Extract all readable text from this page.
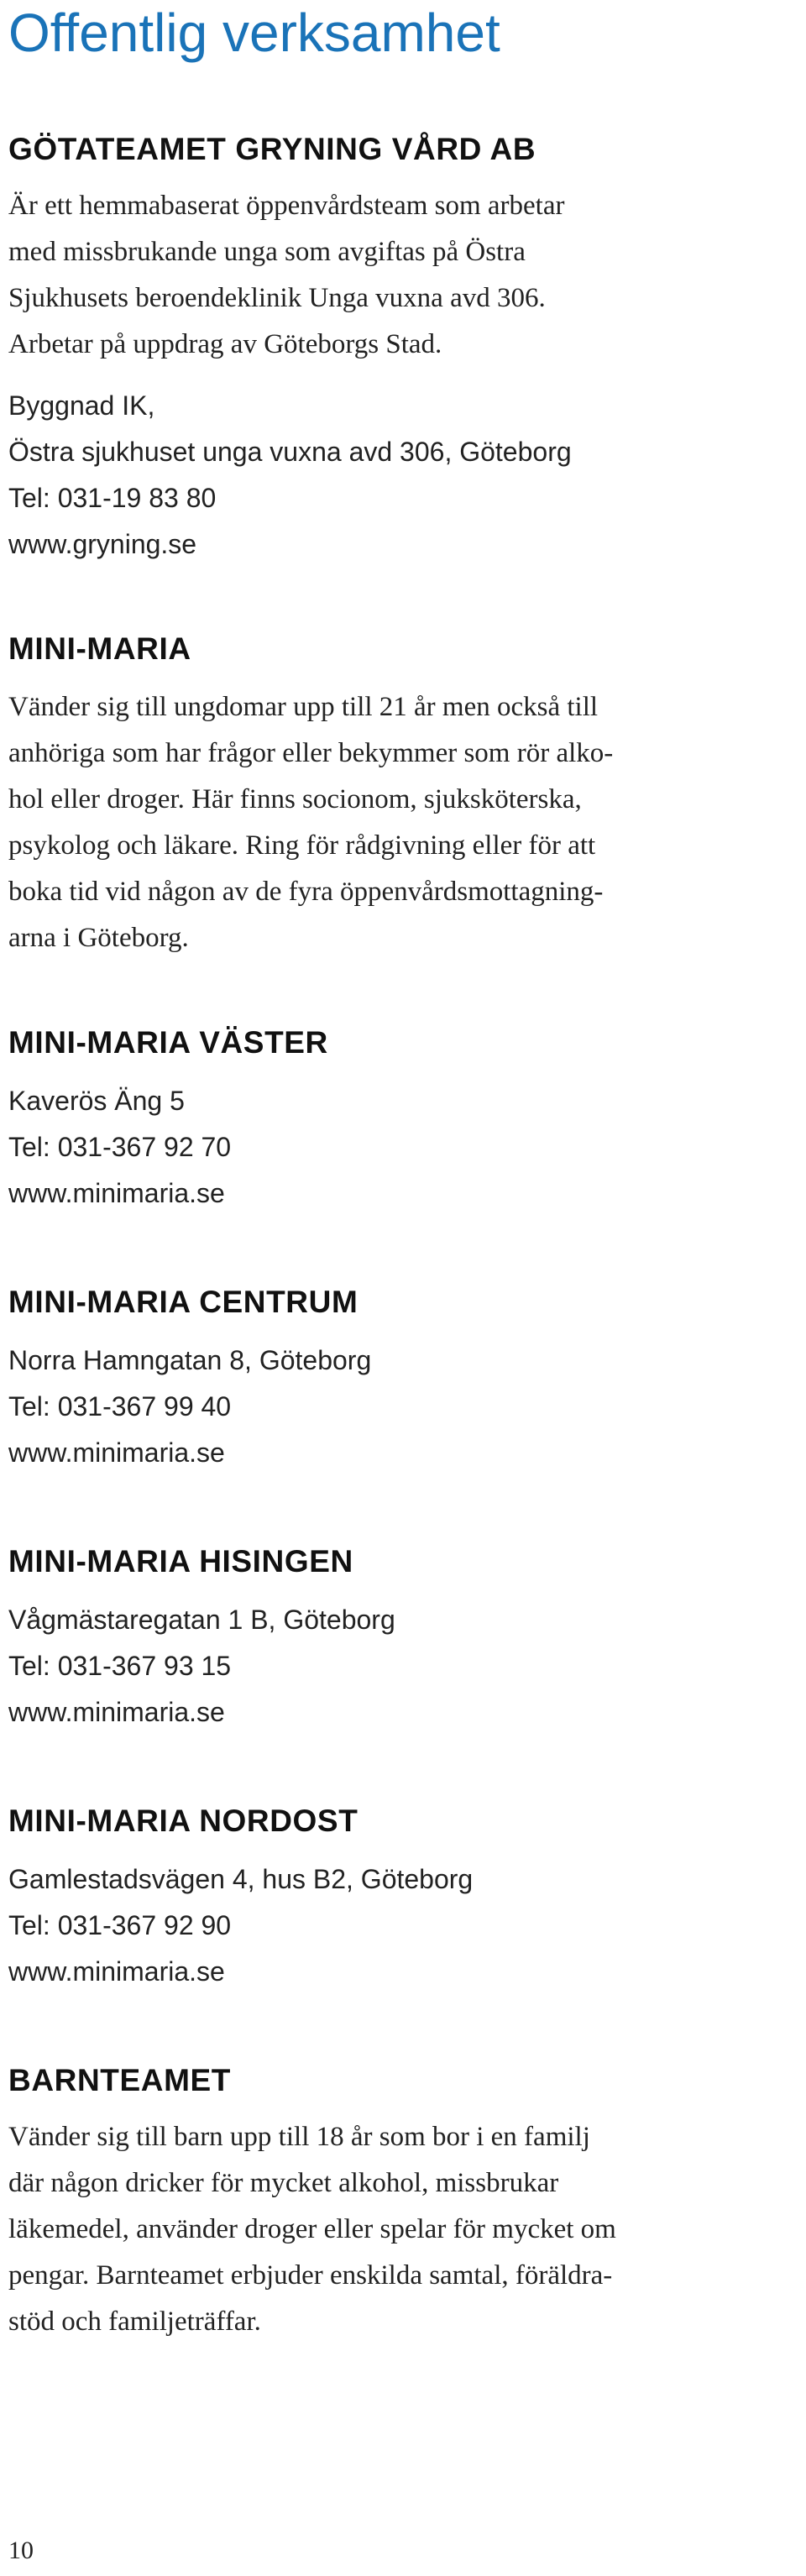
Offentlig verksamhet
GÖTATEAMET GRYNING VÅRD AB

Är ett hemmabaserat öppenvårdsteam som arbetar
med missbrukande unga som avgiftas på Östra
Sjukhusets beroendeklinik Unga vuxna avd 306.
Arbetar på uppdrag av Göteborgs Stad.

Byggnad IK,
Östra sjukhuset unga vuxna avd 306, Göteborg
Tel: 031-19 83 80
www.gryning.se

MINI-MARIA

Vänder sig till ungdomar upp till 21 år men också till
anhöriga som har frågor eller bekymmer som rör alko-
hol eller droger. Här finns socionom, sjuksköterska,
psykolog och läkare. Ring för rådgivning eller för att
boka tid vid någon av de fyra öppenvårdsmottagning-
arna i Göteborg.

MINI-MARIA VÄSTER

Kaverös Äng 5
Tel: 031-367 92 70
www.minimaria.se

MINI-MARIA CENTRUM

Norra Hamngatan 8, Göteborg
Tel: 031-367 99 40
www.minimaria.se

MINI-MARIA HISINGEN

Vågmästaregatan 1 B, Göteborg
Tel: 031-367 93 15
www.minimaria.se

MINI-MARIA NORDOST

Gamlestadsvägen 4, hus B2, Göteborg
Tel: 031-367 92 90
www.minimaria.se

BARNTEAMET

Vänder sig till barn upp till 18 år som bor i en familj
där någon dricker för mycket alkohol, missbrukar
läkemedel, använder droger eller spelar för mycket om
pengar. Barnteamet erbjuder enskilda samtal, föräldra-
stöd och familjeträffar.

10
